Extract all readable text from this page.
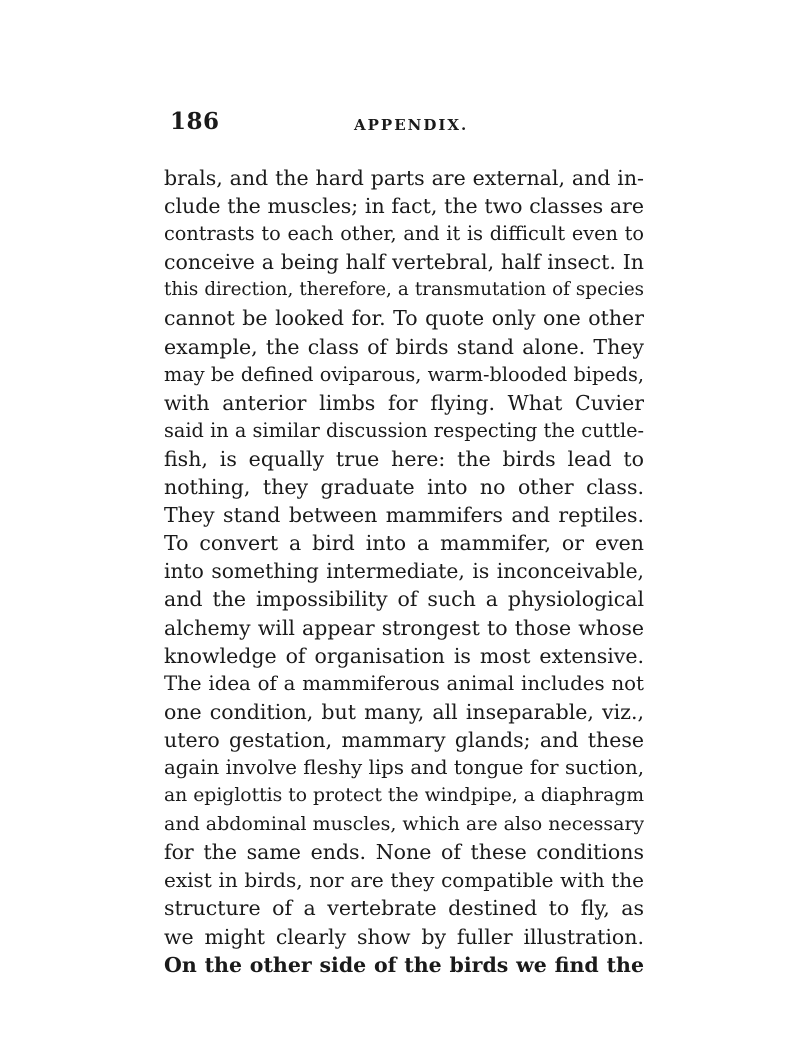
186	APPENDIX.
brals, and the hard parts are external, and in-
clude the muscles; in fact, the two classes are
contrasts to each other, and it is difficult even to
conceive a being half vertebral, half insect. In
this direction, therefore, a transmutation of species
cannot be looked for. To quote only one other
example, the class of birds stand alone. They
may be defined oviparous, warm-blooded bipeds,
with anterior limbs for flying. What Cuvier
said in a similar discussion respecting the cuttle-
fish, is equally true here: the birds lead to
nothing, they graduate into no other class.
They stand between mammifers and reptiles.
To convert a bird into a mammifer, or even
into something intermediate, is inconceivable,
and the impossibility of such a physiological
alchemy will appear strongest to those whose
knowledge of organisation is most extensive.
The idea of a mammiferous animal includes not
one condition, but many, all inseparable, viz.,
utero gestation, mammary glands; and these
again involve fleshy lips and tongue for suction,
an epiglottis to protect the windpipe, a diaphragm
and abdominal muscles, which are also necessary
for the same ends. None of these conditions
exist in birds, nor are they compatible with the
structure of a vertebrate destined to fly, as
we might clearly show by fuller illustration.
On the other side of the birds we find the
